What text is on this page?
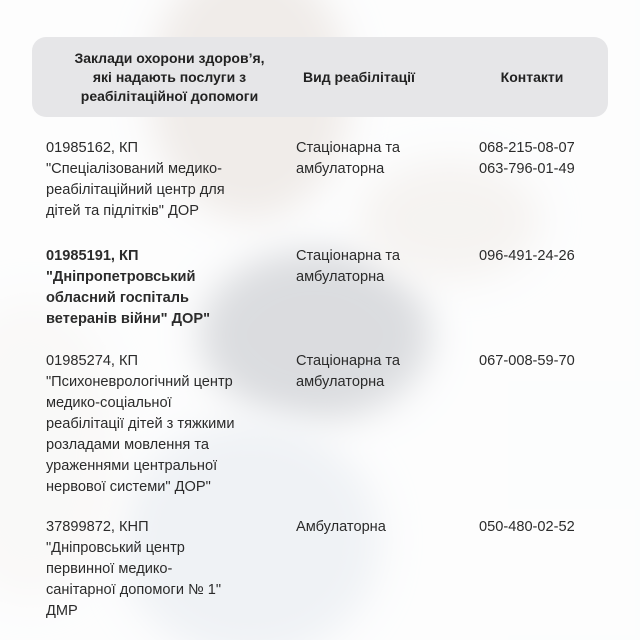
Заклади охорони здоров’я,
які надають послуги з
реабілітаційної допомоги
Вид реабілітації	Контакти
01985162, КП
"Спеціалізований медико-
реабілітаційний центр для
дітей та підлітків" ДОР
Стаціонарна та
амбулаторна
068-215-08-07
063-796-01-49
01985191, КП
"Дніпропетровський
обласний госпіталь
ветеранів війни" ДОР"
Стаціонарна та
амбулаторна
096-491-24-26
01985274, КП
"Психоневрологічний центр
медико-соціальної
реабілітації дітей з тяжкими
розладами мовлення та
ураженнями центральної
нервової системи" ДОР"
Стаціонарна та
амбулаторна
067-008-59-70
37899872, КНП
"Дніпровський центр
первинної медико-
санітарної допомоги № 1"
ДМР
Амбулаторна	050-480-02-52
